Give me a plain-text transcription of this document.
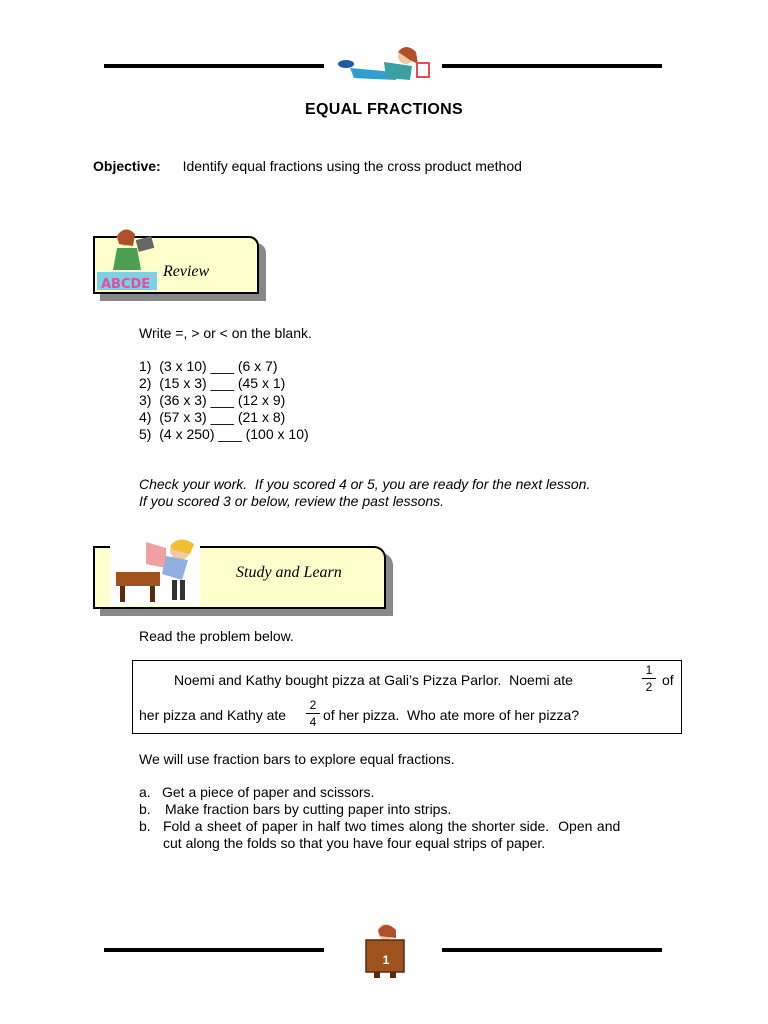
EQUAL FRACTIONS
Objective: Identify equal fractions using the cross product method
ABCDE
Review
Write =, > or < on the blank.
1)  (3 x 10) ___ (6 x 7)
2)  (15 x 3) ___ (45 x 1)
3)  (36 x 3) ___ (12 x 9)
4)  (57 x 3) ___ (21 x 8)
5)  (4 x 250) ___ (100 x 10)
Check your work.  If you scored 4 or 5, you are ready for the next lesson.
If you scored 3 or below, review the past lessons.
Study and Learn
Read the problem below.
Noemi and Kathy bought pizza at Gali’s Pizza Parlor.  Noemi ate
1
2 of
her pizza and Kathy ate
2
4 of her pizza.  Who ate more of her pizza?
We will use fraction bars to explore equal fractions.
a. Get a piece of paper and scissors.
b. Make fraction bars by cutting paper into strips.
b. Fold a sheet of paper in half two times along the shorter side.  Open and
cut along the folds so that you have four equal strips of paper.
1
